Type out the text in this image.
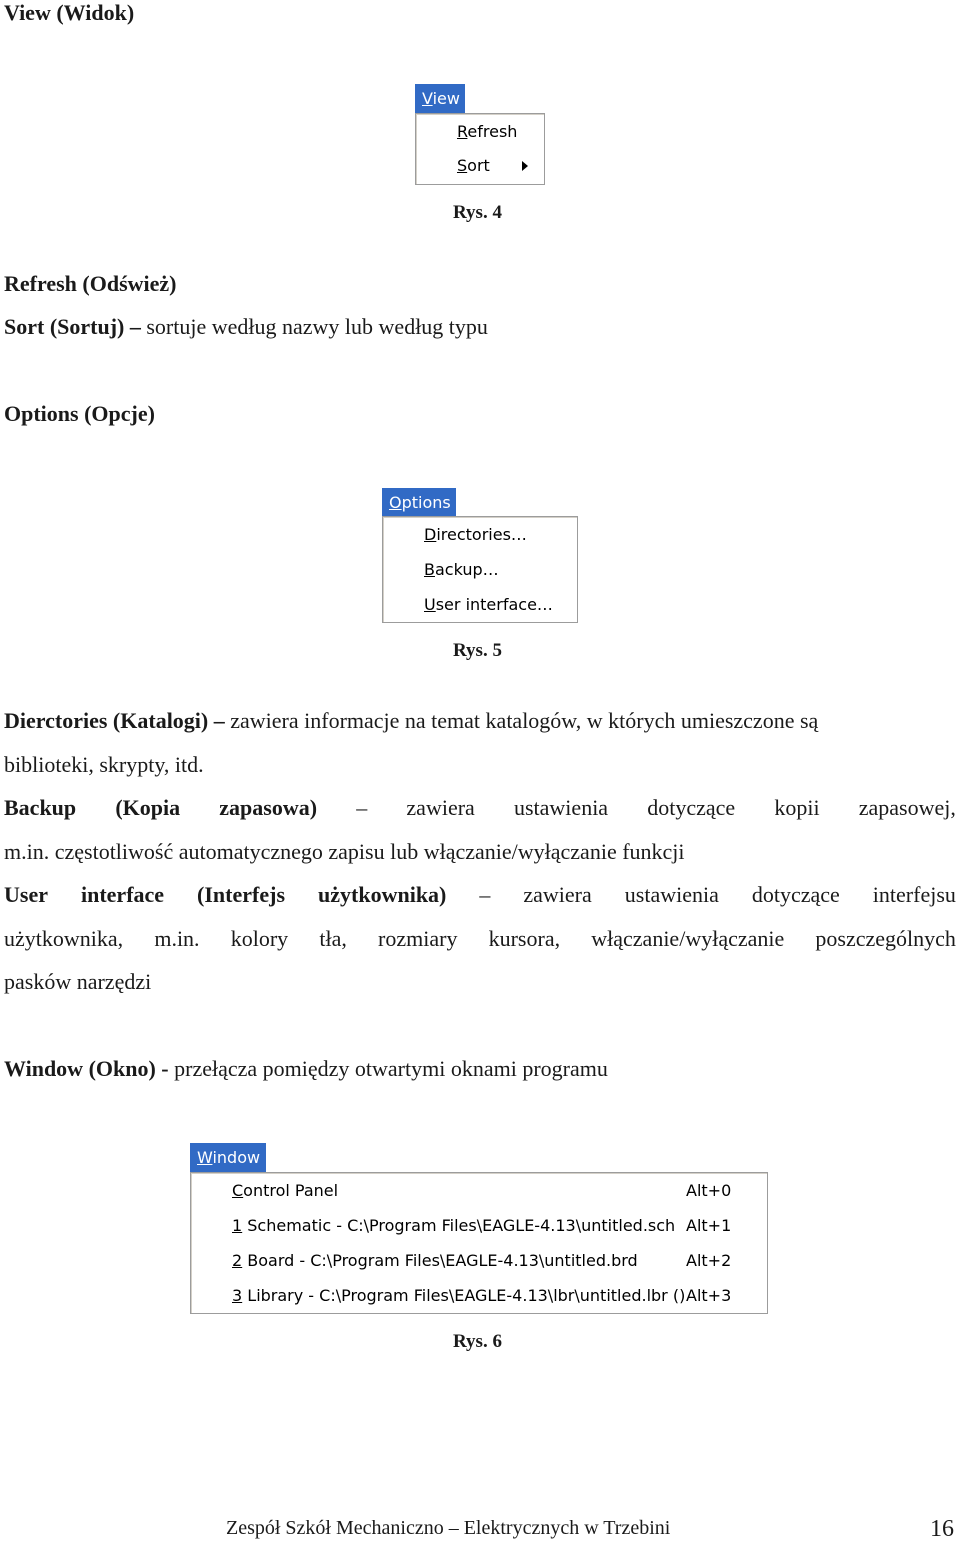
View (Widok)
View
Refresh
Sort
Rys. 4
Refresh (Odśwież)
Sort (Sortuj) – sortuje według nazwy lub według typu
Options (Opcje)
Options
Directories…
Backup…
User interface…
Rys. 5
Dierctories (Katalogi) – zawiera informacje na temat katalogów, w których umieszczone są
biblioteki, skrypty, itd.
Backup (Kopia zapasowa) – zawiera ustawienia dotyczące kopii zapasowej,
m.in. częstotliwość automatycznego zapisu lub włączanie/wyłączanie funkcji
User interface (Interfejs użytkownika) – zawiera ustawienia dotyczące interfejsu
użytkownika, m.in. kolory tła, rozmiary kursora, włączanie/wyłączanie poszczególnych
pasków narzędzi
Window (Okno) - przełącza pomiędzy otwartymi oknami programu
Window
Control Panel	Alt+0
1 Schematic - C:\Program Files\EAGLE-4.13\untitled.sch Alt+1
2 Board - C:\Program Files\EAGLE-4.13\untitled.brd	Alt+2
3 Library - C:\Program Files\EAGLE-4.13\lbr\untitled.lbr () Alt+3
Rys. 6
Zespół Szkół Mechaniczno – Elektrycznych w Trzebini	16
